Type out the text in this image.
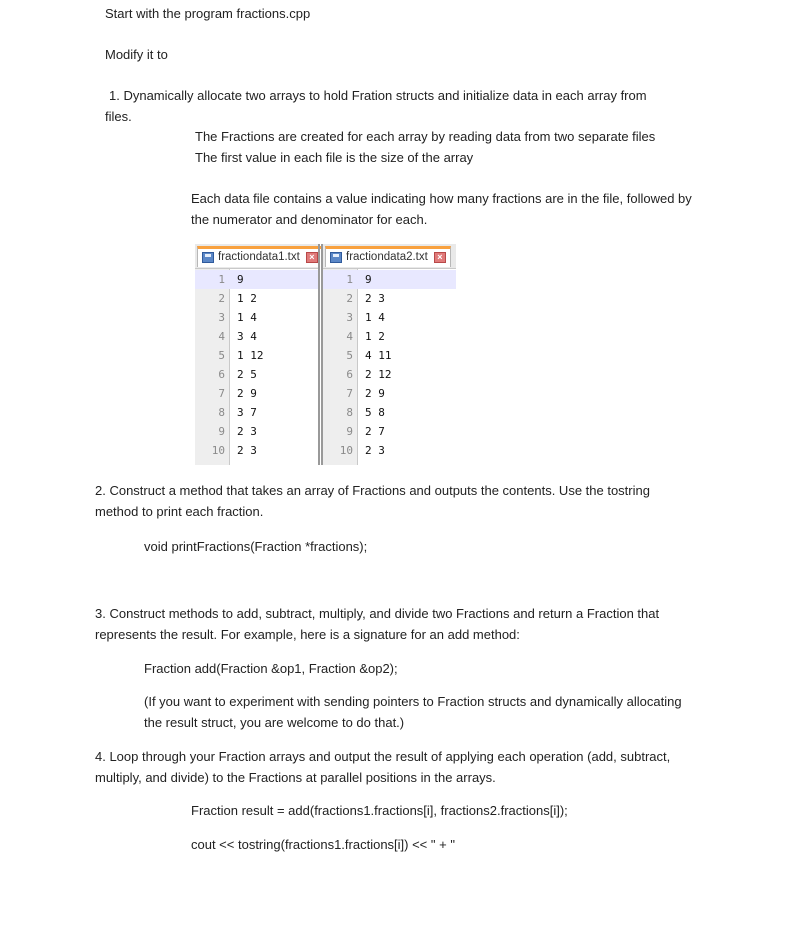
Start with the program fractions.cpp
Modify it to
1. Dynamically allocate two arrays to hold Fration structs and initialize data in each array from
files.
The Fractions are created for each array by reading data from two separate files
The first value in each file is the size of the array
Each data file contains a value indicating how many fractions are in the file, followed by
the numerator and denominator for each.
fractiondata1.txt	×
1 9
2 1 2
3 1 4
4 3 4
5 1 12
6 2 5
7 2 9
8 3 7
9 2 3
10 2 3
fractiondata2.txt	×
1 9
2 2 3
3 1 4
4 1 2
5 4 11
6 2 12
7 2 9
8 5 8
9 2 7
10 2 3
2. Construct a method that takes an array of Fractions and outputs the contents. Use the tostring
method to print each fraction.
void printFractions(Fraction *fractions);
3. Construct methods to add, subtract, multiply, and divide two Fractions and return a Fraction that
represents the result. For example, here is a signature for an add method:
Fraction add(Fraction &op1, Fraction &op2);
(If you want to experiment with sending pointers to Fraction structs and dynamically allocating
the result struct, you are welcome to do that.)
4. Loop through your Fraction arrays and output the result of applying each operation (add, subtract,
multiply, and divide) to the Fractions at parallel positions in the arrays.
Fraction result = add(fractions1.fractions[i], fractions2.fractions[i]);
cout << tostring(fractions1.fractions[i]) << " + "
